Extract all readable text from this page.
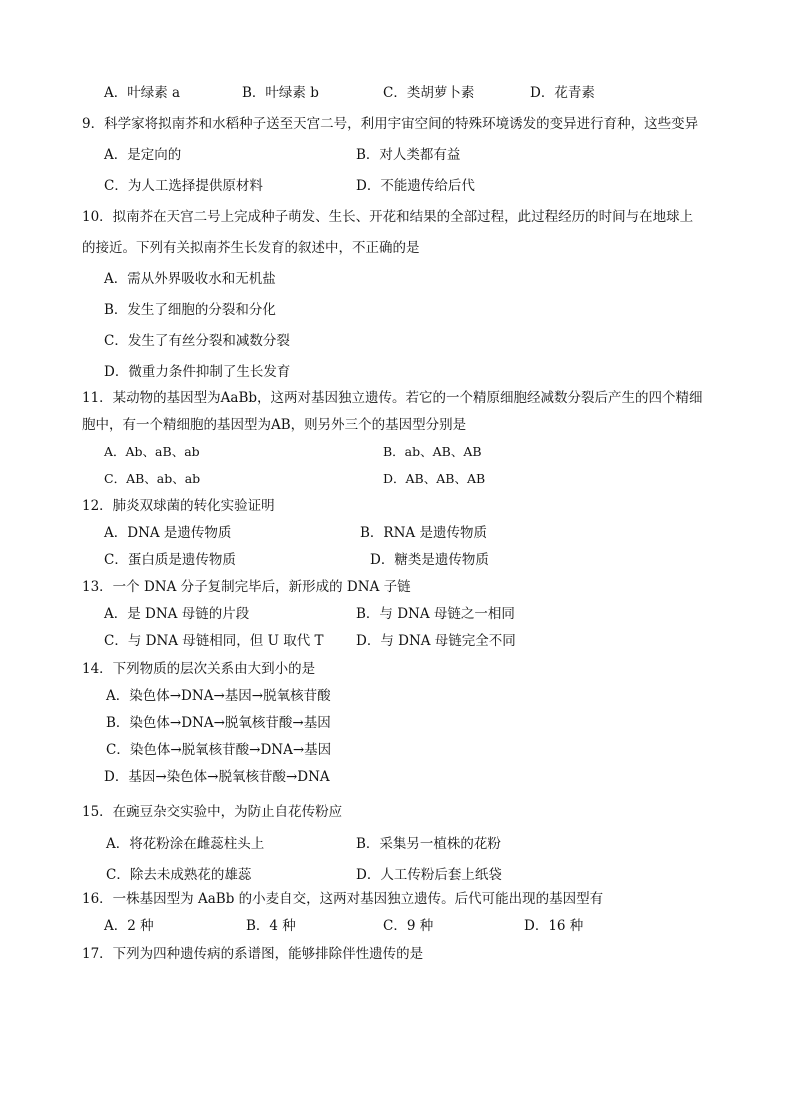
A．叶绿素 a	B．叶绿素 b	C．类胡萝卜素	D．花青素
9．科学家将拟南芥和水稻种子送至天宫二号，利用宇宙空间的特殊环境诱发的变异进行育种，这些变异
A．是定向的	B．对人类都有益
C．为人工选择提供原材料	D．不能遗传给后代
10．拟南芥在天宫二号上完成种子萌发、生长、开花和结果的全部过程，此过程经历的时间与在地球上
的接近。下列有关拟南芥生长发育的叙述中，不正确的是
A．需从外界吸收水和无机盐
B．发生了细胞的分裂和分化
C．发生了有丝分裂和减数分裂
D．微重力条件抑制了生长发育
11．某动物的基因型为AaBb，这两对基因独立遗传。若它的一个精原细胞经减数分裂后产生的四个精细
胞中，有一个精细胞的基因型为AB，则另外三个的基因型分别是
A．Ab、aB、ab	B．ab、AB、AB
C．AB、ab、ab	D．AB、AB、AB
12．肺炎双球菌的转化实验证明
A．DNA 是遗传物质	B．RNA 是遗传物质
C．蛋白质是遗传物质	D．糖类是遗传物质
13．一个 DNA 分子复制完毕后，新形成的 DNA 子链
A．是 DNA 母链的片段	B．与 DNA 母链之一相同
C．与 DNA 母链相同，但 U 取代 T D．与 DNA 母链完全不同
14．下列物质的层次关系由大到小的是
A．染色体→DNA→基因→脱氧核苷酸
B．染色体→DNA→脱氧核苷酸→基因
C．染色体→脱氧核苷酸→DNA→基因
D．基因→染色体→脱氧核苷酸→DNA
15．在豌豆杂交实验中，为防止自花传粉应
A．将花粉涂在雌蕊柱头上	B．采集另一植株的花粉
C．除去未成熟花的雄蕊	D．人工传粉后套上纸袋
16．一株基因型为 AaBb 的小麦自交，这两对基因独立遗传。后代可能出现的基因型有
A．2 种	B．4 种	C．9 种	D．16 种
17．下列为四种遗传病的系谱图，能够排除伴性遗传的是
